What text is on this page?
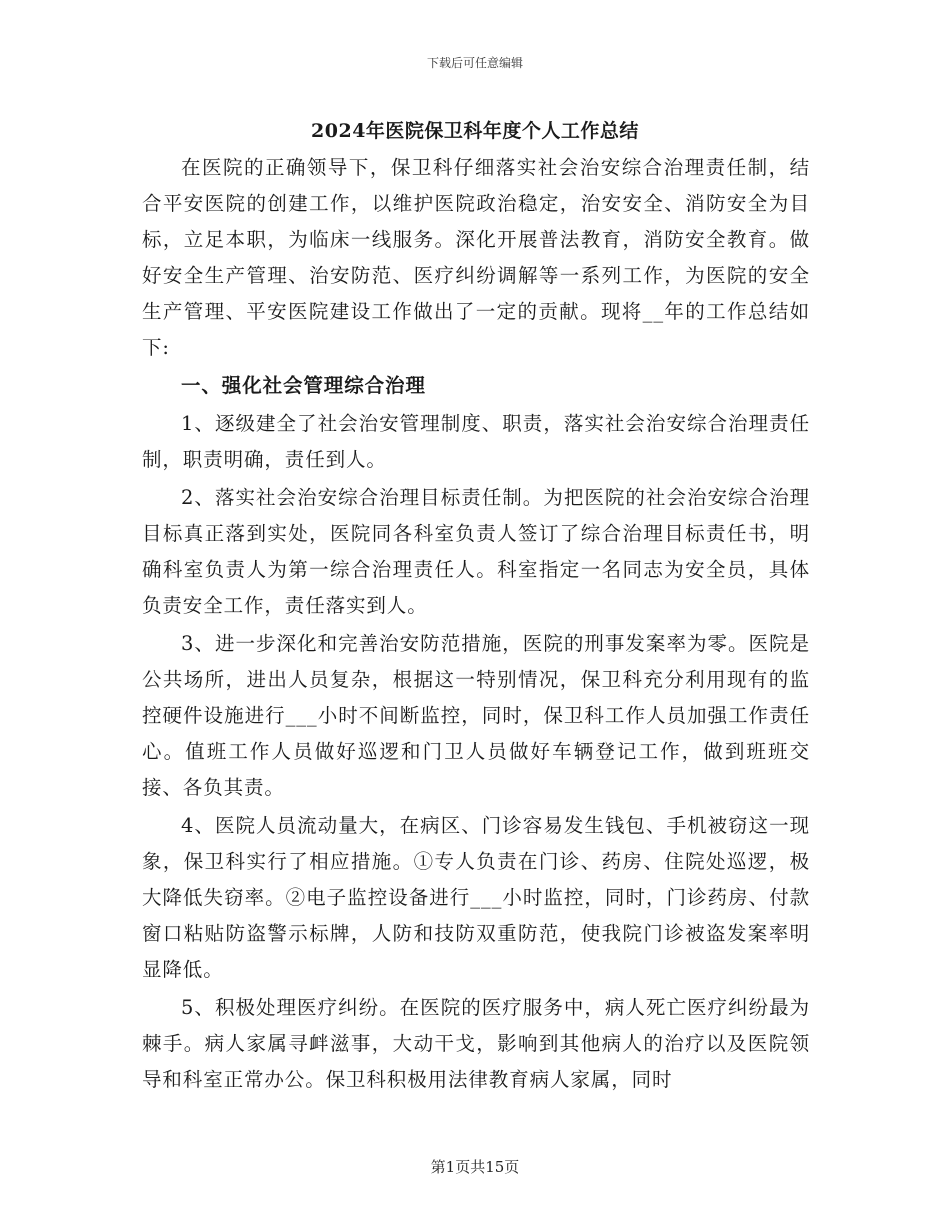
下载后可任意编辑
2024年医院保卫科年度个人工作总结

在医院的正确领导下，保卫科仔细落实社会治安综合治理责任制，结合平安医院的创建工作，以维护医院政治稳定，治安安全、消防安全为目标，立足本职，为临床一线服务。深化开展普法教育，消防安全教育。做好安全生产管理、治安防范、医疗纠纷调解等一系列工作，为医院的安全生产管理、平安医院建设工作做出了一定的贡献。现将__年的工作总结如下:

一、强化社会管理综合治理

1、逐级建全了社会治安管理制度、职责，落实社会治安综合治理责任制，职责明确，责任到人。

2、落实社会治安综合治理目标责任制。为把医院的社会治安综合治理目标真正落到实处，医院同各科室负责人签订了综合治理目标责任书，明确科室负责人为第一综合治理责任人。科室指定一名同志为安全员，具体负责安全工作，责任落实到人。

3、进一步深化和完善治安防范措施，医院的刑事发案率为零。医院是公共场所，进出人员复杂，根据这一特别情况，保卫科充分利用现有的监控硬件设施进行___小时不间断监控，同时，保卫科工作人员加强工作责任心。值班工作人员做好巡逻和门卫人员做好车辆登记工作，做到班班交接、各负其责。

4、医院人员流动量大，在病区、门诊容易发生钱包、手机被窃这一现象，保卫科实行了相应措施。①专人负责在门诊、药房、住院处巡逻，极大降低失窃率。②电子监控设备进行___小时监控，同时，门诊药房、付款窗口粘贴防盗警示标牌，人防和技防双重防范，使我院门诊被盗发案率明显降低。

5、积极处理医疗纠纷。在医院的医疗服务中，病人死亡医疗纠纷最为棘手。病人家属寻衅滋事，大动干戈，影响到其他病人的治疗以及医院领导和科室正常办公。保卫科积极用法律教育病人家属，同时

第1页共15页
